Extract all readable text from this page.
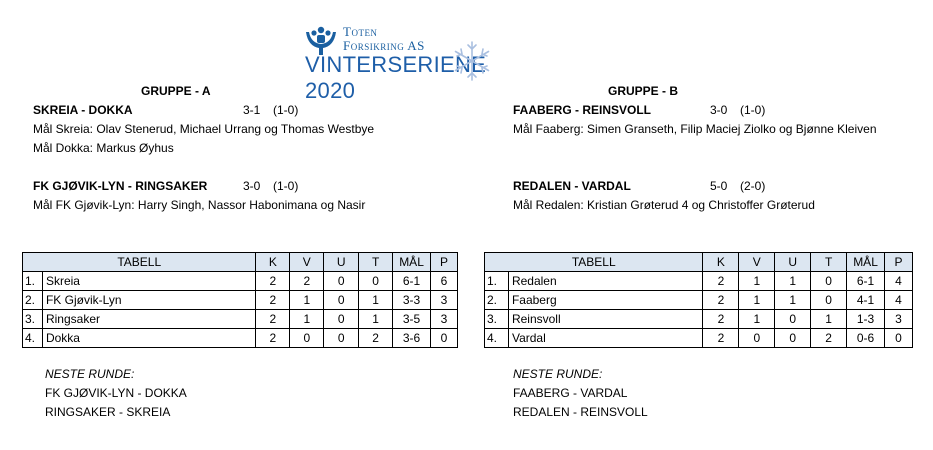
Toten
Forsikring AS
VINTERSERIENE 2020
GRUPPE - A
SKREIA - DOKKA	3-1 (1-0)
Mål Skreia: Olav Stenerud, Michael Urrang og Thomas Westbye
Mål Dokka: Markus Øyhus
FK GJØVIK-LYN - RINGSAKER	3-0 (1-0)
Mål FK Gjøvik-Lyn: Harry Singh, Nassor Habonimana og Nasir
TABELL		K	V	U	T	MÅL	P
1.	Skreia	2	2	0	0	6-1	6
2.	FK Gjøvik-Lyn	2	1	0	1	3-3	3
3.	Ringsaker	2	1	0	1	3-5	3
4.	Dokka	2	0	0	2	3-6	0
NESTE RUNDE:
FK GJØVIK-LYN - DOKKA
RINGSAKER - SKREIA
GRUPPE - B
FAABERG - REINSVOLL	3-0 (1-0)
Mål Faaberg: Simen Granseth, Filip Maciej Ziolko og Bjønne Kleiven
REDALEN - VARDAL	5-0 (2-0)
Mål Redalen: Kristian Grøterud 4 og Christoffer Grøterud
TABELL		K	V	U	T	MÅL	P
1.	Redalen	2	1	1	0	6-1	4
2.	Faaberg	2	1	1	0	4-1	4
3.	Reinsvoll	2	1	0	1	1-3	3
4.	Vardal	2	0	0	2	0-6	0
NESTE RUNDE:
FAABERG - VARDAL
REDALEN - REINSVOLL
